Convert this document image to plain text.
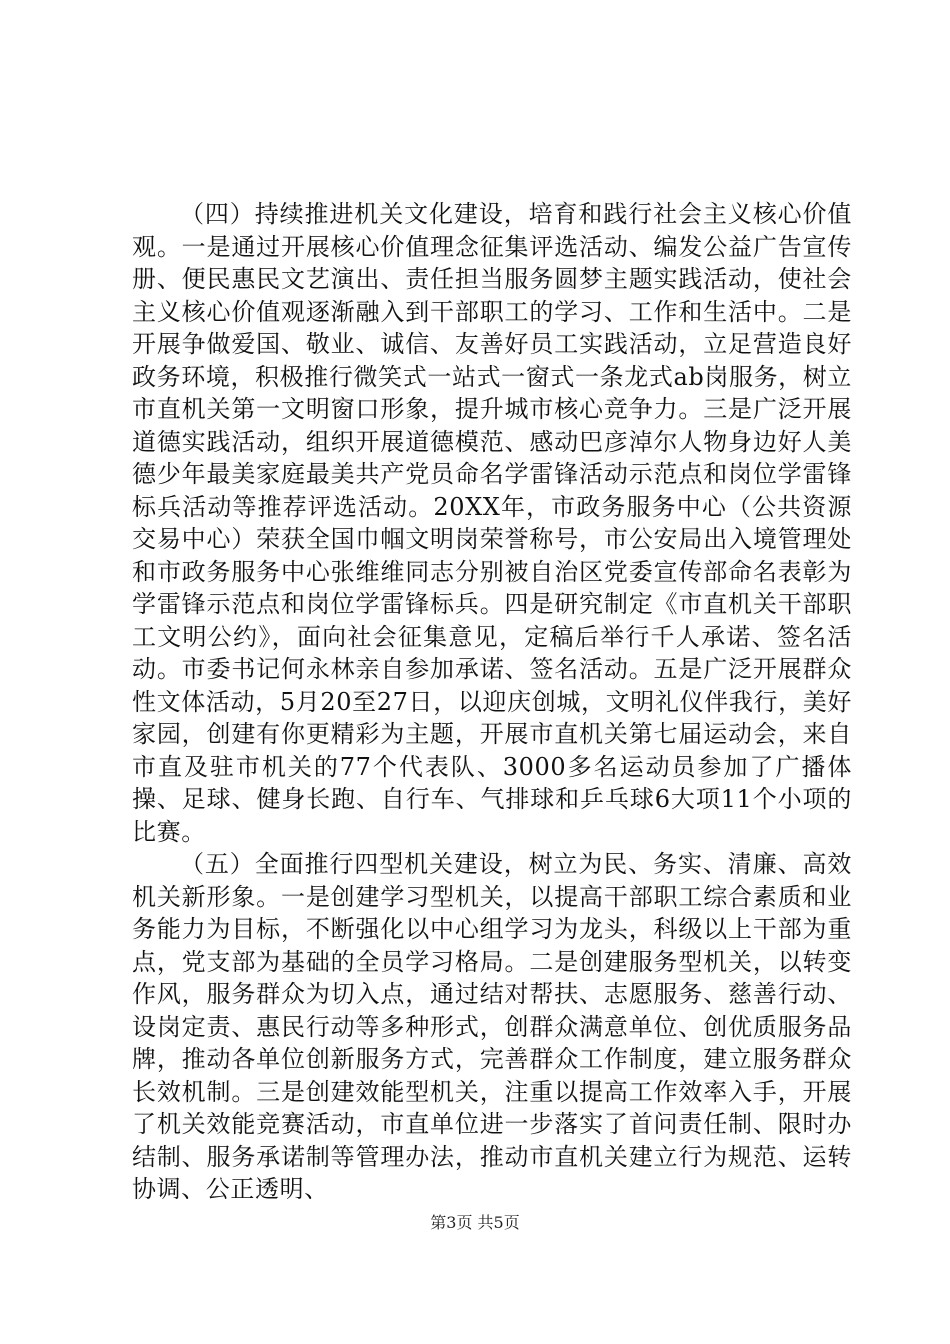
（四）持续推进机关文化建设，培育和践行社会主义核心价值观。一是通过开展核心价值理念征集评选活动、编发公益广告宣传册、便民惠民文艺演出、责任担当服务圆梦主题实践活动，使社会主义核心价值观逐渐融入到干部职工的学习、工作和生活中。二是开展争做爱国、敬业、诚信、友善好员工实践活动，立足营造良好政务环境，积极推行微笑式一站式一窗式一条龙式ab岗服务，树立市直机关第一文明窗口形象，提升城市核心竞争力。三是广泛开展道德实践活动，组织开展道德模范、感动巴彦淖尔人物身边好人美德少年最美家庭最美共产党员命名学雷锋活动示范点和岗位学雷锋标兵活动等推荐评选活动。20XX年，市政务服务中心（公共资源交易中心）荣获全国巾帼文明岗荣誉称号，市公安局出入境管理处和市政务服务中心张维维同志分别被自治区党委宣传部命名表彰为学雷锋示范点和岗位学雷锋标兵。四是研究制定《市直机关干部职工文明公约》，面向社会征集意见，定稿后举行千人承诺、签名活动。市委书记何永林亲自参加承诺、签名活动。五是广泛开展群众性文体活动，5月20至27日，以迎庆创城，文明礼仪伴我行，美好家园，创建有你更精彩为主题，开展市直机关第七届运动会，来自市直及驻市机关的77个代表队、3000多名运动员参加了广播体操、足球、健身长跑、自行车、气排球和乒乓球6大项11个小项的比赛。

（五）全面推行四型机关建设，树立为民、务实、清廉、高效机关新形象。一是创建学习型机关，以提高干部职工综合素质和业务能力为目标，不断强化以中心组学习为龙头，科级以上干部为重点，党支部为基础的全员学习格局。二是创建服务型机关，以转变作风，服务群众为切入点，通过结对帮扶、志愿服务、慈善行动、设岗定责、惠民行动等多种形式，创群众满意单位、创优质服务品牌，推动各单位创新服务方式，完善群众工作制度，建立服务群众长效机制。三是创建效能型机关，注重以提高工作效率入手，开展了机关效能竞赛活动，市直单位进一步落实了首问责任制、限时办结制、服务承诺制等管理办法，推动市直机关建立行为规范、运转协调、公正透明、

第3页 共5页
